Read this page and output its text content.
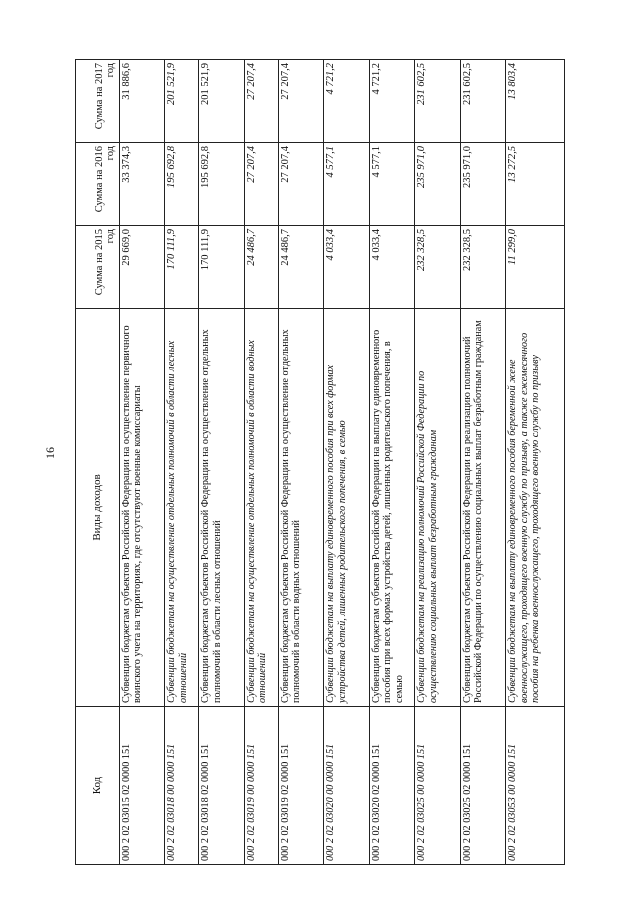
16
Код	Виды доходов	Сумма на 2015 год	Сумма на 2016 год	Сумма на 2017 год
000 2 02 03015 02 0000 151	Субвенции бюджетам субъектов Российской Федерации на осуществление первичного воинского учета на территориях, где отсутствуют военные комиссариаты	29 669,0	33 374,3	31 886,6
000 2 02 03018 00 0000 151	Субвенции бюджетам на осуществление отдельных полномочий в области лесных отношений	170 111,9	195 692,8	201 521,9
000 2 02 03018 02 0000 151	Субвенции бюджетам субъектов Российской Федерации на осуществление отдельных полномочий в области лесных отношений	170 111,9	195 692,8	201 521,9
000 2 02 03019 00 0000 151	Субвенции бюджетам на осуществление отдельных полномочий в области водных отношений	24 486,7	27 207,4	27 207,4
000 2 02 03019 02 0000 151	Субвенции бюджетам субъектов Российской Федерации на осуществление отдельных полномочий в области водных отношений	24 486,7	27 207,4	27 207,4
000 2 02 03020 00 0000 151	Субвенции бюджетам на выплату единовременного пособия при всех формах устройства детей, лишенных родительского попечения, в семью	4 033,4	4 577,1	4 721,2
000 2 02 03020 02 0000 151	Субвенции бюджетам субъектов Российской Федерации на выплату единовременного пособия при всех формах устройства детей, лишенных родительского попечения, в семью	4 033,4	4 577,1	4 721,2
000 2 02 03025 00 0000 151	Субвенции бюджетам на реализацию полномочий Российской Федерации по осуществлению социальных выплат безработным гражданам	232 328,5	235 971,0	231 602,5
000 2 02 03025 02 0000 151	Субвенции бюджетам субъектов Российской Федерации на реализацию полномочий Российской Федерации по осуществлению социальных выплат безработным гражданам	232 328,5	235 971,0	231 602,5
000 2 02 03053 00 0000 151	Субвенции бюджетам на выплату единовременного пособия беременной жене военнослужащего, проходящего военную службу по призыву, а также ежемесячного пособия на ребенка военнослужащего, проходящего военную службу по призыву	11 299,0	13 272,5	13 803,4
